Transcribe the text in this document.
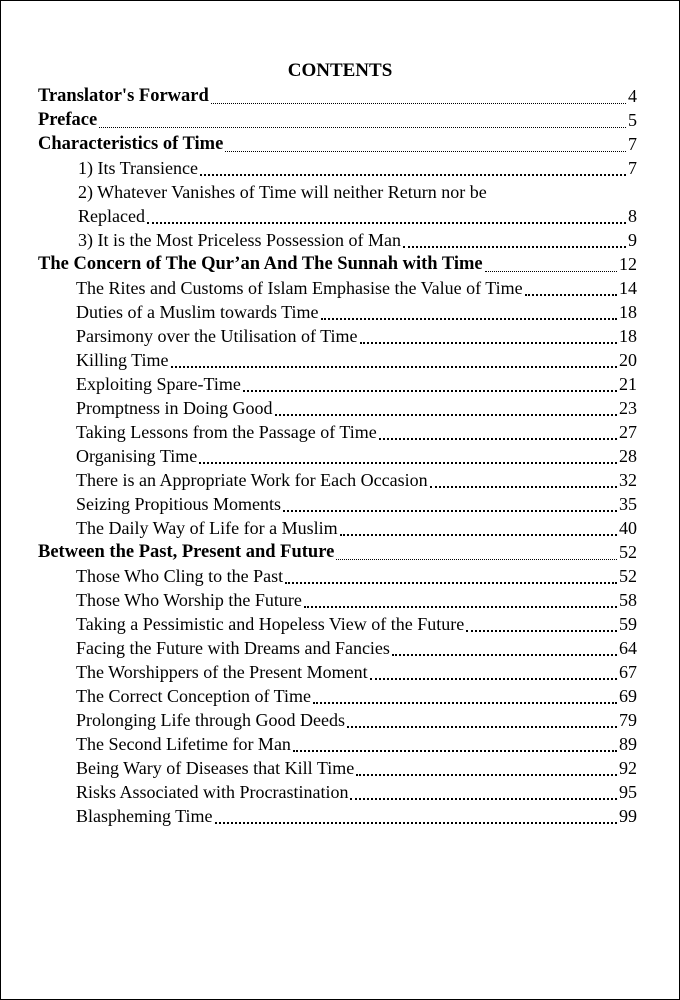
CONTENTS
Translator's Forward	4
Preface	5
Characteristics of Time	7
1) Its Transience	7
2) Whatever Vanishes of Time will neither Return nor be
Replaced	8
3) It is the Most Priceless Possession of Man	9
The Concern of The Qur’an And The Sunnah with Time	12
The Rites and Customs of Islam Emphasise the Value of Time	14
Duties of a Muslim towards Time	18
Parsimony over the Utilisation of Time	18
Killing Time	20
Exploiting Spare-Time	21
Promptness in Doing Good	23
Taking Lessons from the Passage of Time	27
Organising Time	28
There is an Appropriate Work for Each Occasion	32
Seizing Propitious Moments	35
The Daily Way of Life for a Muslim	40
Between the Past, Present and Future	52
Those Who Cling to the Past	52
Those Who Worship the Future	58
Taking a Pessimistic and Hopeless View of the Future	59
Facing the Future with Dreams and Fancies	64
The Worshippers of the Present Moment	67
The Correct Conception of Time	69
Prolonging Life through Good Deeds	79
The Second Lifetime for Man	89
Being Wary of Diseases that Kill Time	92
Risks Associated with Procrastination	95
Blaspheming Time	99
